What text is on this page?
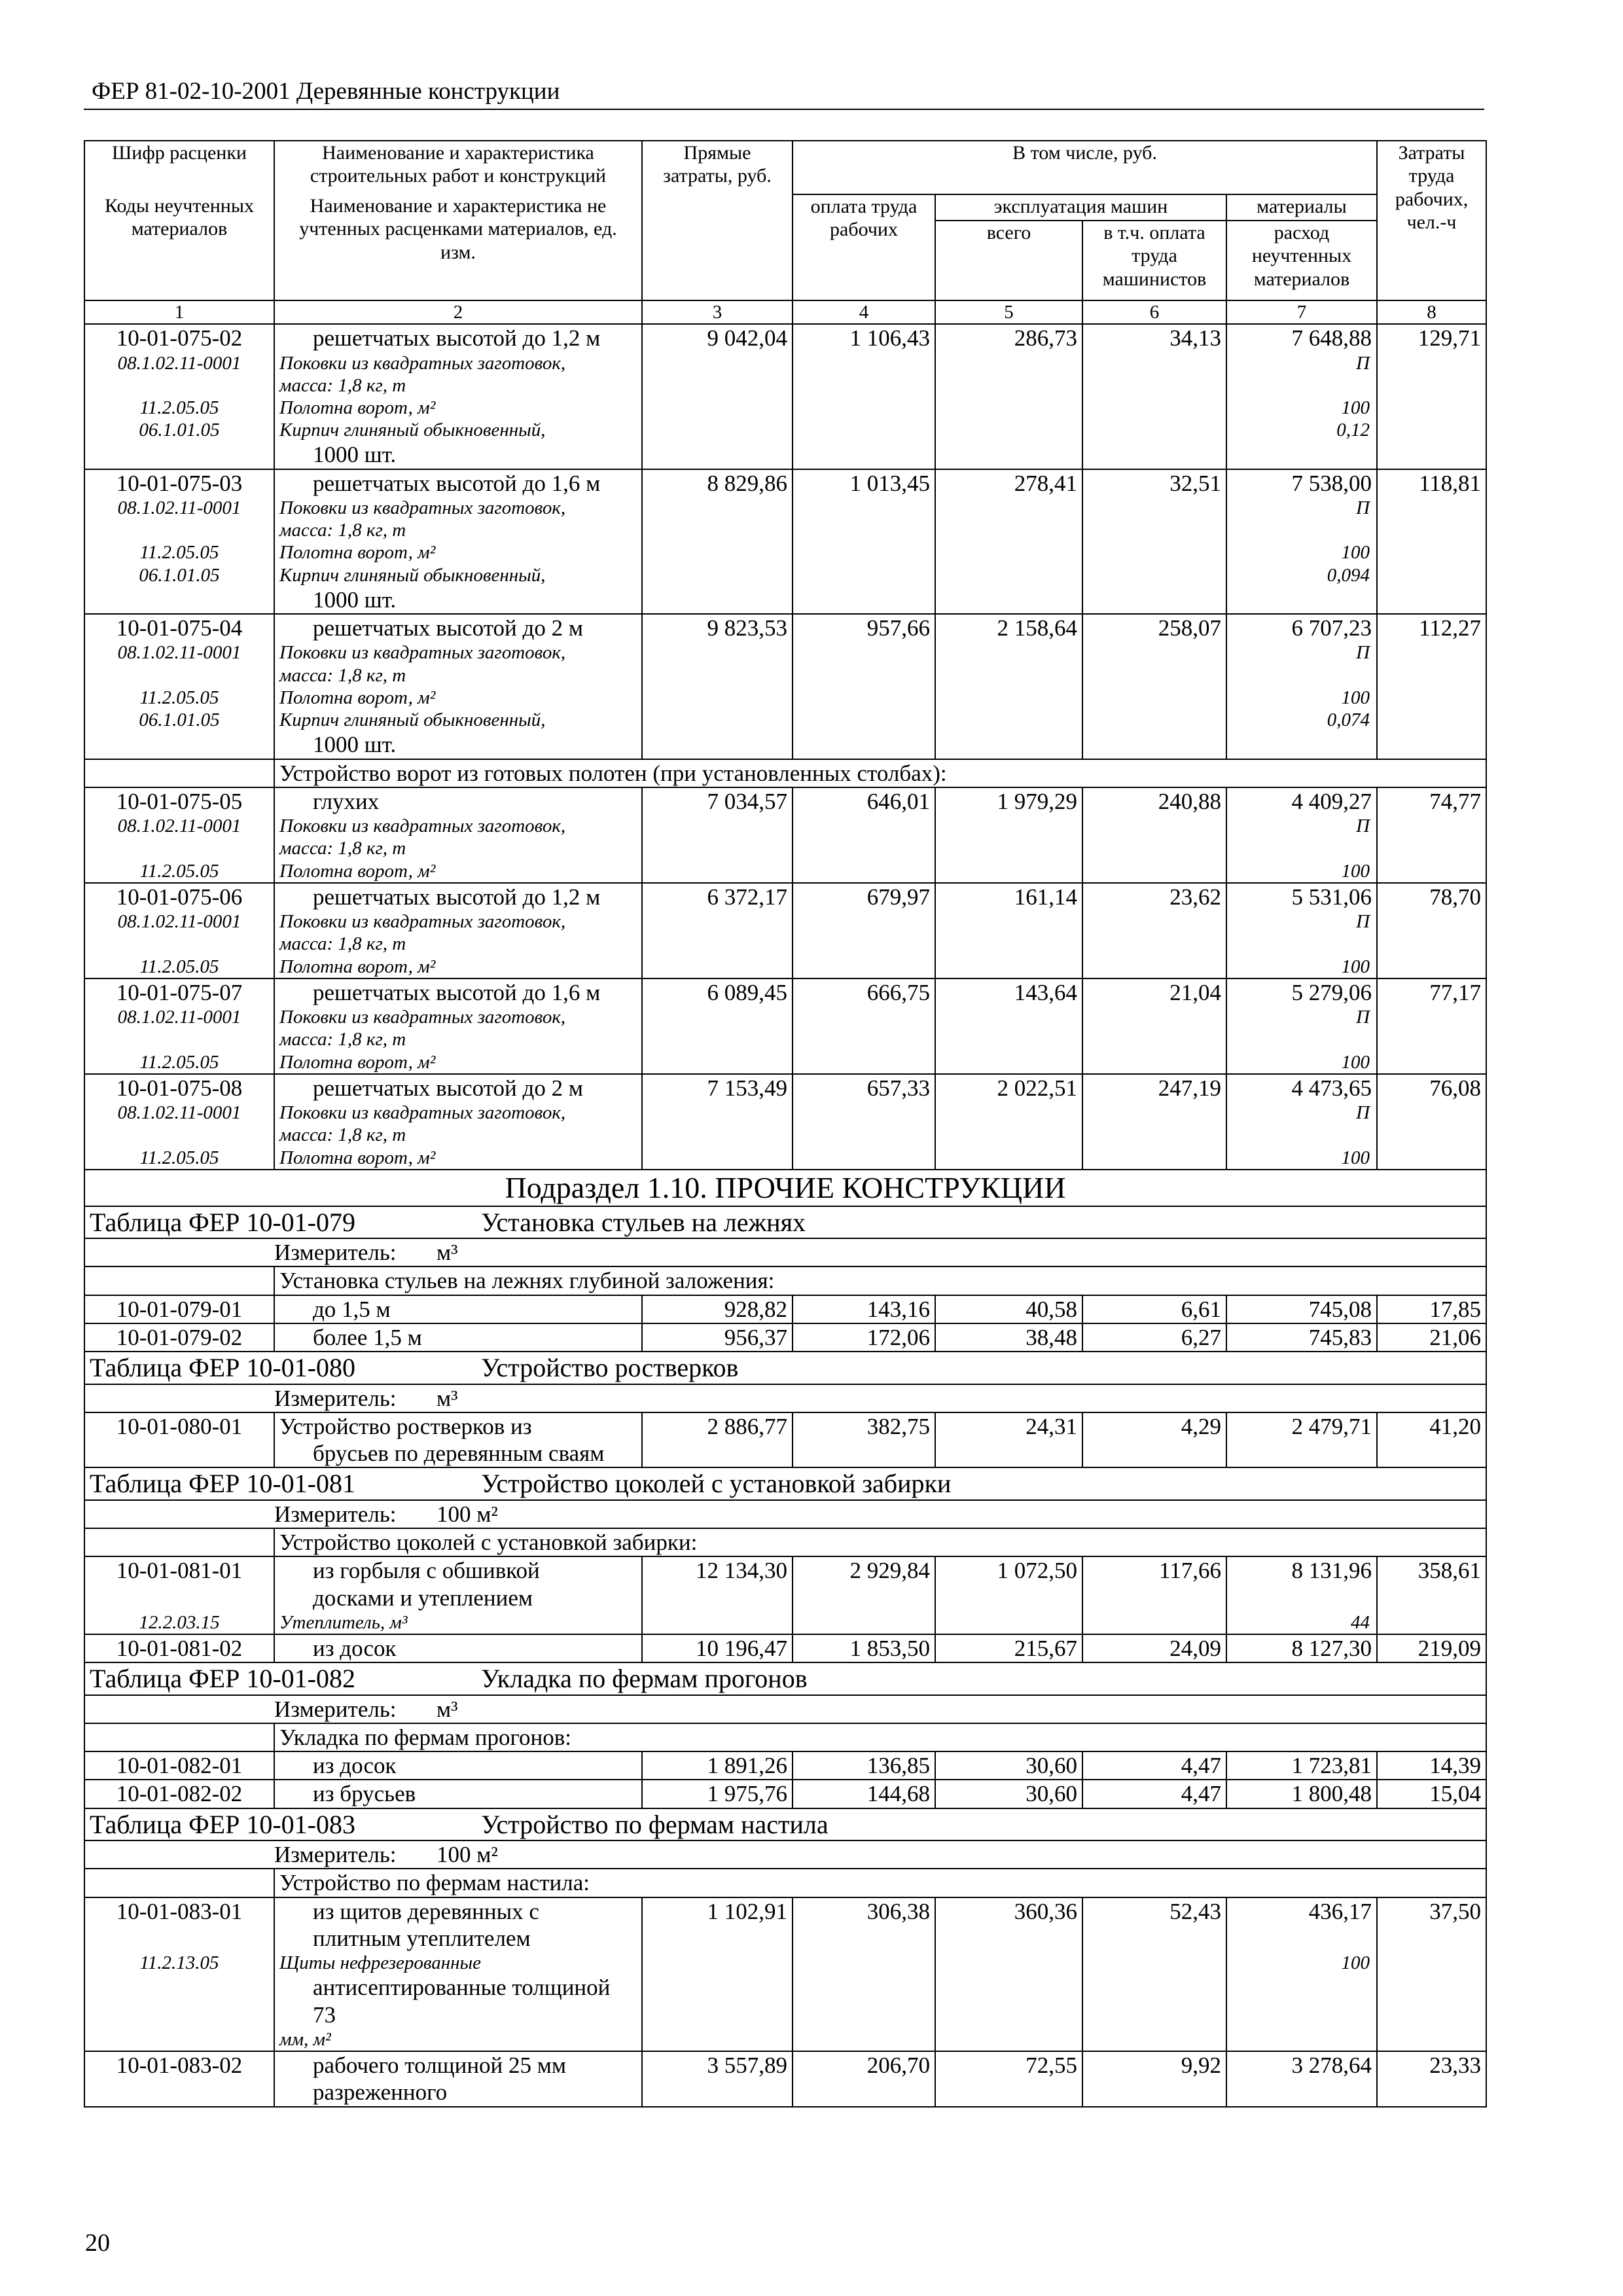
ФЕР 81-02-10-2001 Деревянные конструкции
Шифр расценки	Наименование и характеристика строительных работ и конструкций	Прямые затраты, руб.	В том числе, руб.				Затраты труда рабочих, чел.-ч
Коды неучтенных материалов	Наименование и характеристика не учтенных расценками материалов, ед. изм.		оплата труда рабочих	эксплуатация машин		материалы	
				всего	в т.ч. оплата труда машинистов	расход неучтенных материалов	
1	2	3	4	5	6	7	8
10-01-075-02	решетчатых высотой до 1,2 м	9 042,04	1 106,43	286,73	34,13	7 648,88	129,71
08.1.02.11-0001	Поковки из квадратных заготовок,					П	
	масса: 1,8 кг, т						
11.2.05.05	Полотна ворот, м²					100	
06.1.01.05	Кирпич глиняный обыкновенный,					0,12	
	1000 шт.						
10-01-075-03	решетчатых высотой до 1,6 м	8 829,86	1 013,45	278,41	32,51	7 538,00	118,81
08.1.02.11-0001	Поковки из квадратных заготовок,					П	
	масса: 1,8 кг, т						
11.2.05.05	Полотна ворот, м²					100	
06.1.01.05	Кирпич глиняный обыкновенный,					0,094	
	1000 шт.						
10-01-075-04	решетчатых высотой до 2 м	9 823,53	957,66	2 158,64	258,07	6 707,23	112,27
08.1.02.11-0001	Поковки из квадратных заготовок,					П	
	масса: 1,8 кг, т						
11.2.05.05	Полотна ворот, м²					100	
06.1.01.05	Кирпич глиняный обыкновенный,					0,074	
	1000 шт.						
	Устройство ворот из готовых полотен (при установленных столбах):						
10-01-075-05	глухих	7 034,57	646,01	1 979,29	240,88	4 409,27	74,77
08.1.02.11-0001	Поковки из квадратных заготовок,					П	
	масса: 1,8 кг, т						
11.2.05.05	Полотна ворот, м²					100	
10-01-075-06	решетчатых высотой до 1,2 м	6 372,17	679,97	161,14	23,62	5 531,06	78,70
08.1.02.11-0001	Поковки из квадратных заготовок,					П	
	масса: 1,8 кг, т						
11.2.05.05	Полотна ворот, м²					100	
10-01-075-07	решетчатых высотой до 1,6 м	6 089,45	666,75	143,64	21,04	5 279,06	77,17
08.1.02.11-0001	Поковки из квадратных заготовок,					П	
	масса: 1,8 кг, т						
11.2.05.05	Полотна ворот, м²					100	
10-01-075-08	решетчатых высотой до 2 м	7 153,49	657,33	2 022,51	247,19	4 473,65	76,08
08.1.02.11-0001	Поковки из квадратных заготовок,					П	
	масса: 1,8 кг, т						
11.2.05.05	Полотна ворот, м²					100	
Подраздел 1.10. ПРОЧИЕ КОНСТРУКЦИИ							
Таблица ФЕР 10-01-079 Установка стульев на лежнях							
Измеритель: м³							
	Установка стульев на лежнях глубиной заложения:						
10-01-079-01	до 1,5 м	928,82	143,16	40,58	6,61	745,08	17,85
10-01-079-02	более 1,5 м	956,37	172,06	38,48	6,27	745,83	21,06
Таблица ФЕР 10-01-080 Устройство ростверков							
Измеритель: м³							
10-01-080-01	Устройство ростверков из	2 886,77	382,75	24,31	4,29	2 479,71	41,20
	брусьев по деревянным сваям						
Таблица ФЕР 10-01-081 Устройство цоколей с установкой забирки							
Измеритель: 100 м²							
	Устройство цоколей с установкой забирки:						
10-01-081-01	из горбыля с обшивкой	12 134,30	2 929,84	1 072,50	117,66	8 131,96	358,61
	досками и утеплением						
12.2.03.15	Утеплитель, м³					44	
10-01-081-02	из досок	10 196,47	1 853,50	215,67	24,09	8 127,30	219,09
Таблица ФЕР 10-01-082 Укладка по фермам прогонов							
Измеритель: м³							
	Укладка по фермам прогонов:						
10-01-082-01	из досок	1 891,26	136,85	30,60	4,47	1 723,81	14,39
10-01-082-02	из брусьев	1 975,76	144,68	30,60	4,47	1 800,48	15,04
Таблица ФЕР 10-01-083 Устройство по фермам настила							
Измеритель: 100 м²							
	Устройство по фермам настила:						
10-01-083-01	из щитов деревянных с	1 102,91	306,38	360,36	52,43	436,17	37,50
	плитным утеплителем						
11.2.13.05	Щиты нефрезерованные					100	
	антисептированные толщиной 73						
	мм, м²						
10-01-083-02	рабочего толщиной 25 мм	3 557,89	206,70	72,55	9,92	3 278,64	23,33
	разреженного						
20
